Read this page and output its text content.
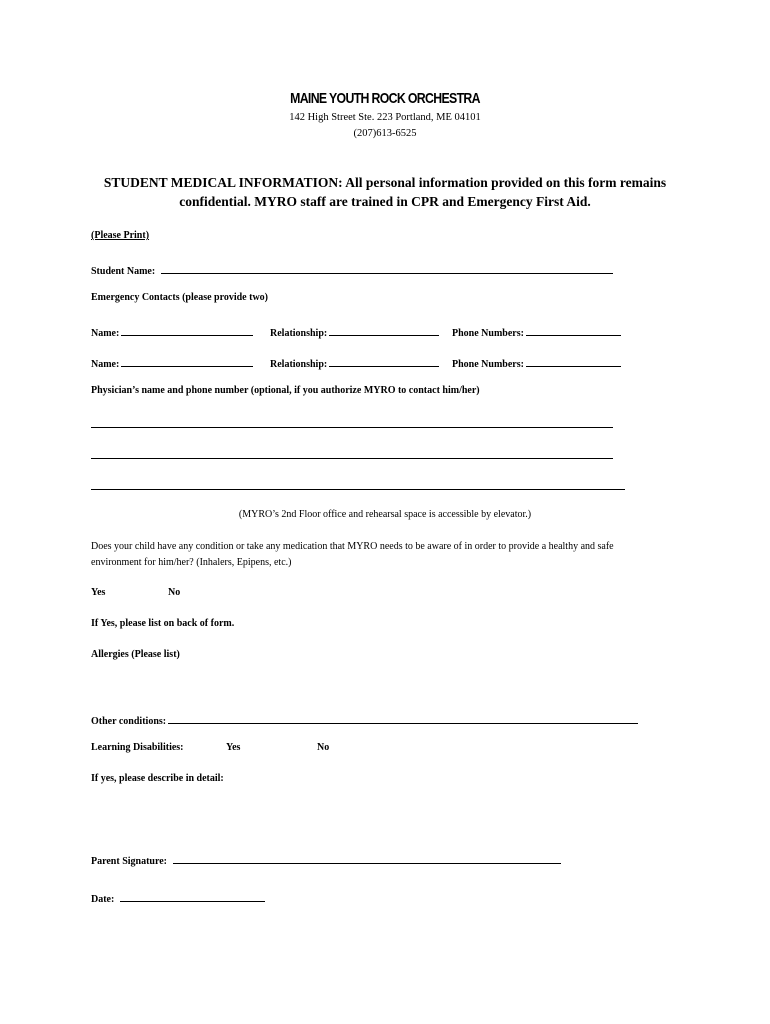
MAINE YOUTH ROCK ORCHESTRA
142 High Street Ste. 223 Portland, ME 04101
(207)613-6525
STUDENT MEDICAL INFORMATION: All personal information provided on this form remains confidential. MYRO staff are trained in CPR and Emergency First Aid.
(Please Print)
Student Name:
Emergency Contacts (please provide two)
Name:	Relationship:	Phone Numbers:
Name:	Relationship:	Phone Numbers:
Physician’s name and phone number (optional, if you authorize MYRO to contact him/her)
(MYRO’s 2nd Floor office and rehearsal space is accessible by elevator.)
Does your child have any condition or take any medication that MYRO needs to be aware of in order to provide a healthy and safe
environment for him/her? (Inhalers, Epipens, etc.)
Yes	No
If Yes, please list on back of form.
Allergies (Please list)
Other conditions:
Learning Disabilities:	Yes	No
If yes, please describe in detail:
Parent Signature:
Date:
